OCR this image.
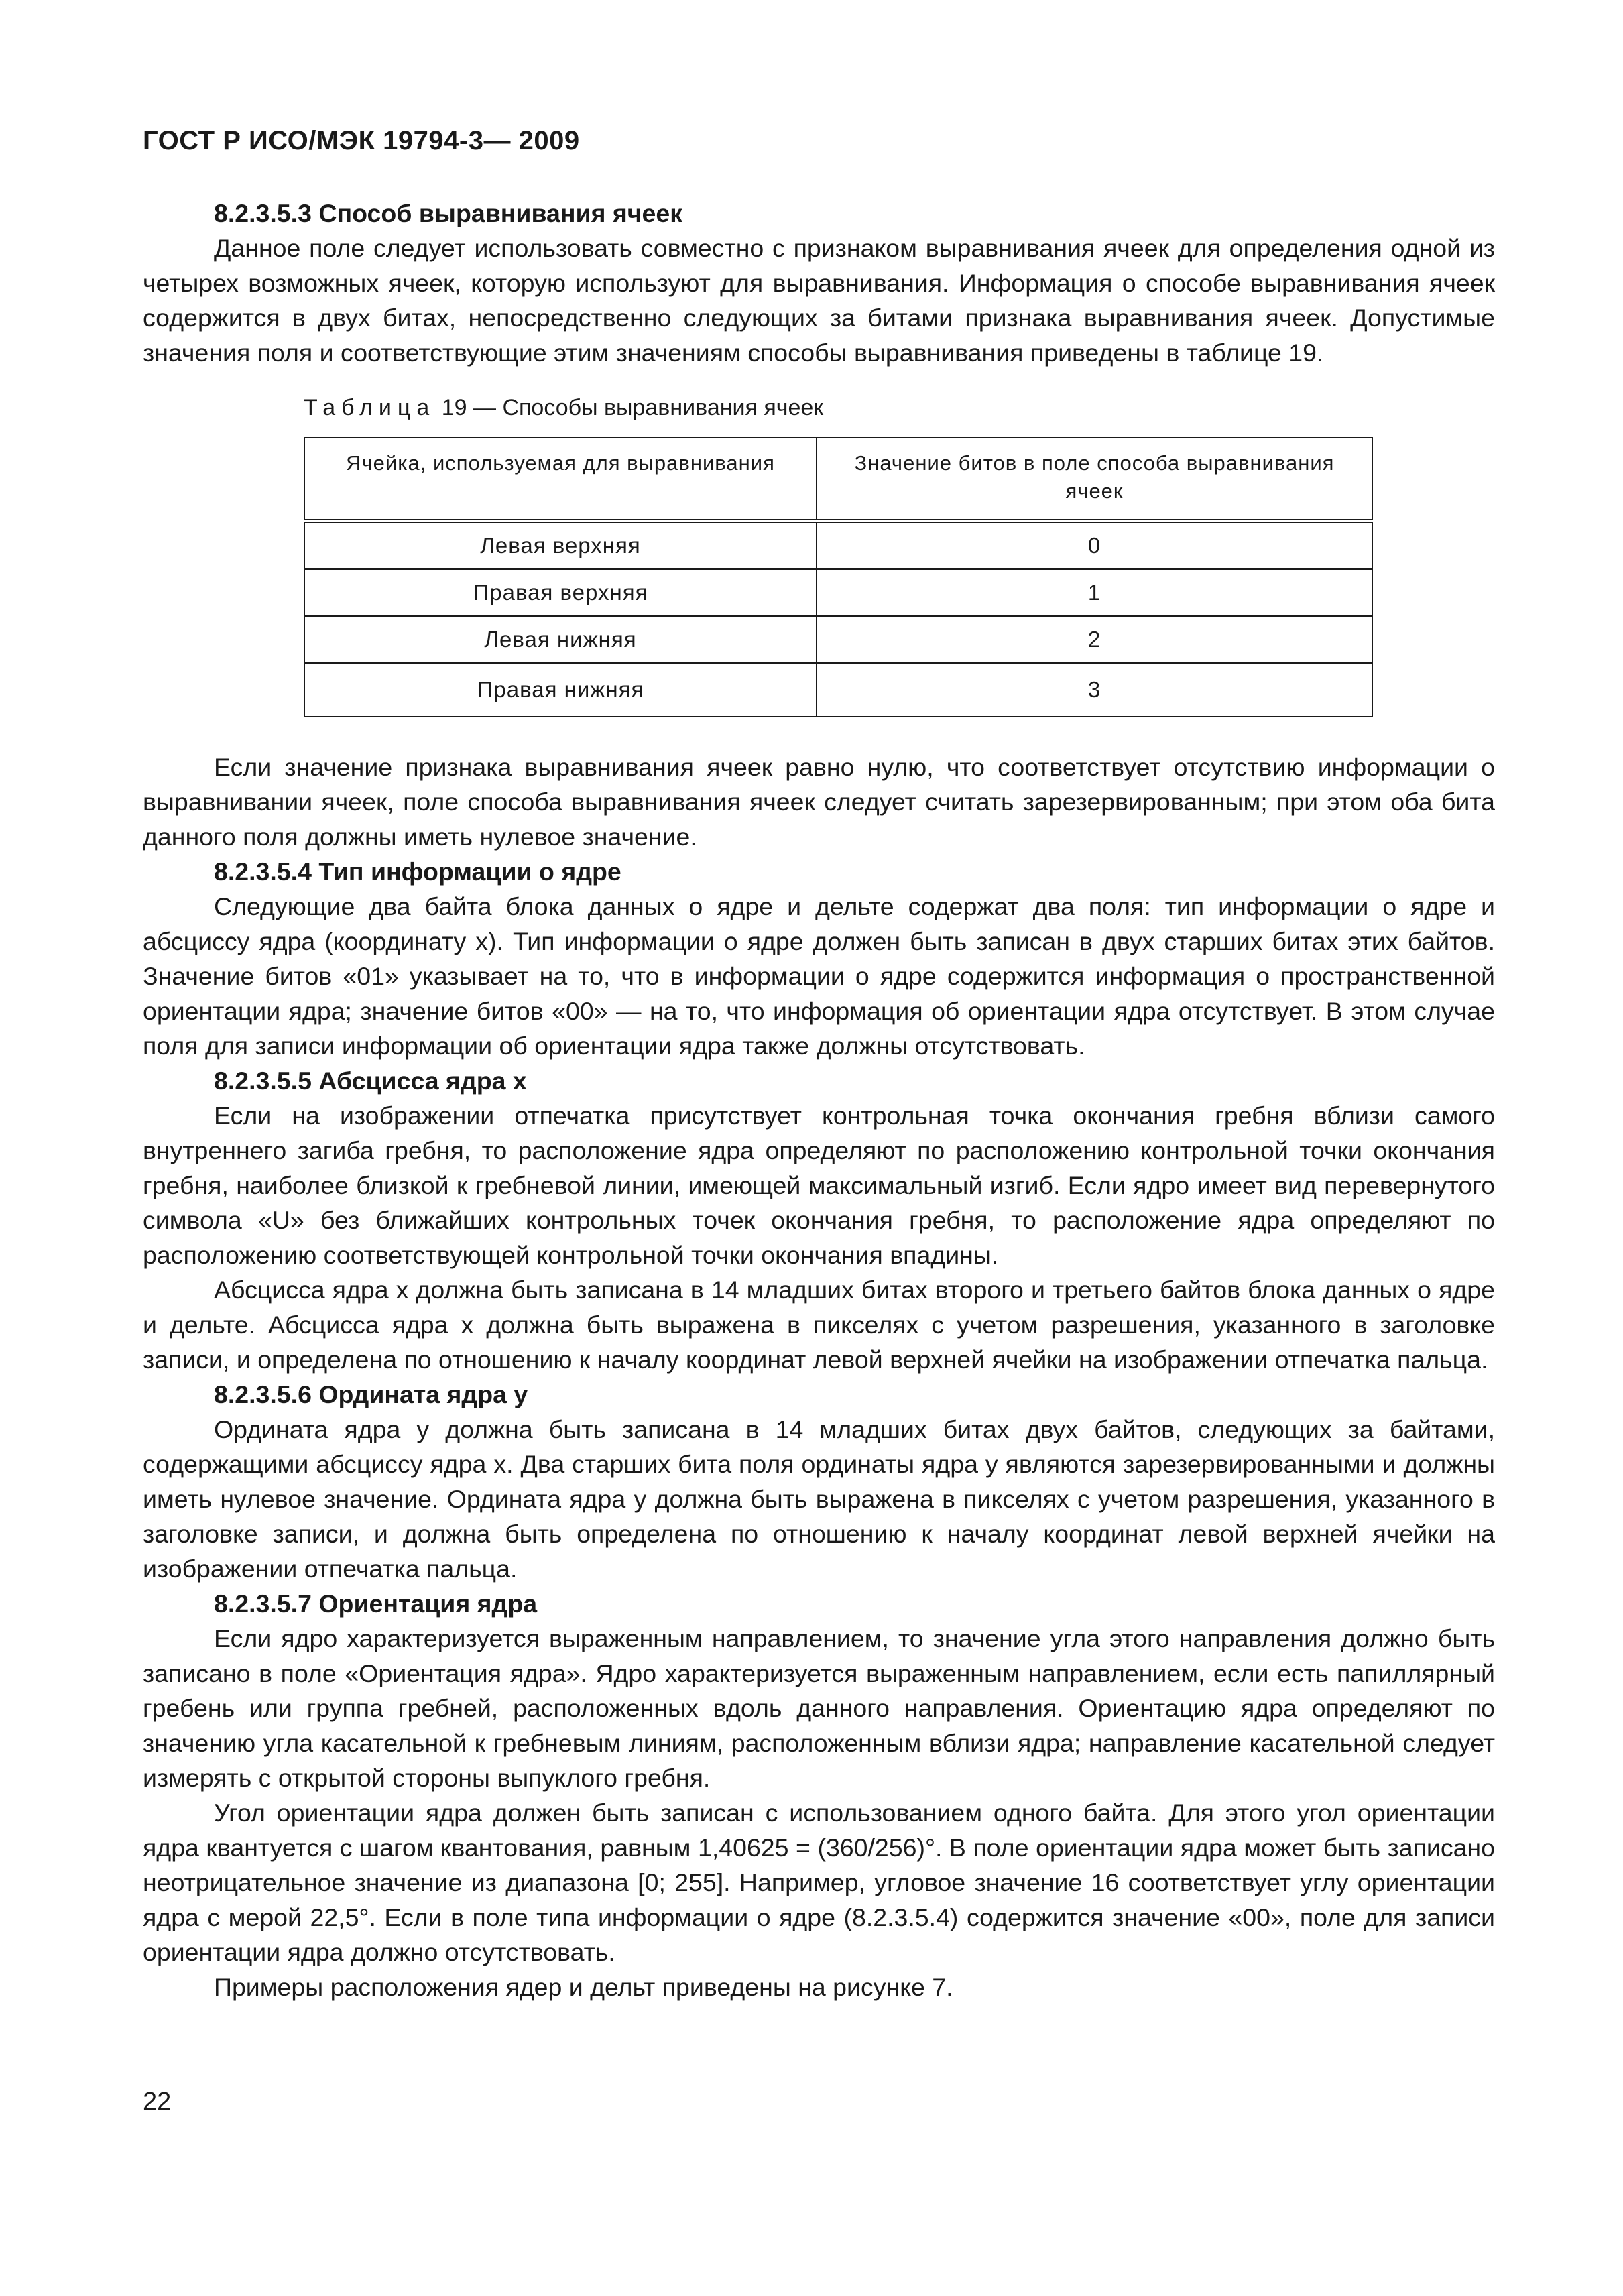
ГОСТ Р ИСО/МЭК 19794-3— 2009

8.2.3.5.3 Способ выравнивания ячеек

Данное поле следует использовать совместно с признаком выравнивания ячеек для определения одной из четырех возможных ячеек, которую используют для выравнивания. Информация о способе выравнивания ячеек содержится в двух битах, непосредственно следующих за битами признака выравнивания ячеек. Допустимые значения поля и соответствующие этим значениям способы выравнивания приведены в таблице 19.

Таблица 19 — Способы выравнивания ячеек
Ячейка, используемая для выравнивания	Значение битов в поле способа выравнивания ячеек
Левая верхняя	0
Правая верхняя	1
Левая нижняя	2
Правая нижняя	3

Если значение признака выравнивания ячеек равно нулю, что соответствует отсутствию информации о выравнивании ячеек, поле способа выравнивания ячеек следует считать зарезервированным; при этом оба бита данного поля должны иметь нулевое значение.

8.2.3.5.4 Тип информации о ядре

Следующие два байта блока данных о ядре и дельте содержат два поля: тип информации о ядре и абсциссу ядра (координату x). Тип информации о ядре должен быть записан в двух старших битах этих байтов. Значение битов «01» указывает на то, что в информации о ядре содержится информация о пространственной ориентации ядра; значение битов «00» — на то, что информация об ориентации ядра отсутствует. В этом случае поля для записи информации об ориентации ядра также должны отсутствовать.

8.2.3.5.5 Абсцисса ядра x

Если на изображении отпечатка присутствует контрольная точка окончания гребня вблизи самого внутреннего загиба гребня, то расположение ядра определяют по расположению контрольной точки окончания гребня, наиболее близкой к гребневой линии, имеющей максимальный изгиб. Если ядро имеет вид перевернутого символа «U» без ближайших контрольных точек окончания гребня, то расположение ядра определяют по расположению соответствующей контрольной точки окончания впадины.

Абсцисса ядра x должна быть записана в 14 младших битах второго и третьего байтов блока данных о ядре и дельте. Абсцисса ядра x должна быть выражена в пикселях с учетом разрешения, указанного в заголовке записи, и определена по отношению к началу координат левой верхней ячейки на изображении отпечатка пальца.

8.2.3.5.6 Ордината ядра y

Ордината ядра y должна быть записана в 14 младших битах двух байтов, следующих за байтами, содержащими абсциссу ядра x. Два старших бита поля ординаты ядра y являются зарезервированными и должны иметь нулевое значение. Ордината ядра y должна быть выражена в пикселях с учетом разрешения, указанного в заголовке записи, и должна быть определена по отношению к началу координат левой верхней ячейки на изображении отпечатка пальца.

8.2.3.5.7 Ориентация ядра

Если ядро характеризуется выраженным направлением, то значение угла этого направления должно быть записано в поле «Ориентация ядра». Ядро характеризуется выраженным направлением, если есть папиллярный гребень или группа гребней, расположенных вдоль данного направления. Ориентацию ядра определяют по значению угла касательной к гребневым линиям, расположенным вблизи ядра; направление касательной следует измерять с открытой стороны выпуклого гребня.

Угол ориентации ядра должен быть записан с использованием одного байта. Для этого угол ориентации ядра квантуется с шагом квантования, равным 1,40625 = (360/256)°. В поле ориентации ядра может быть записано неотрицательное значение из диапазона [0; 255]. Например, угловое значение 16 соответствует углу ориентации ядра с мерой 22,5°. Если в поле типа информации о ядре (8.2.3.5.4) содержится значение «00», поле для записи ориентации ядра должно отсутствовать.

Примеры расположения ядер и дельт приведены на рисунке 7.

22
